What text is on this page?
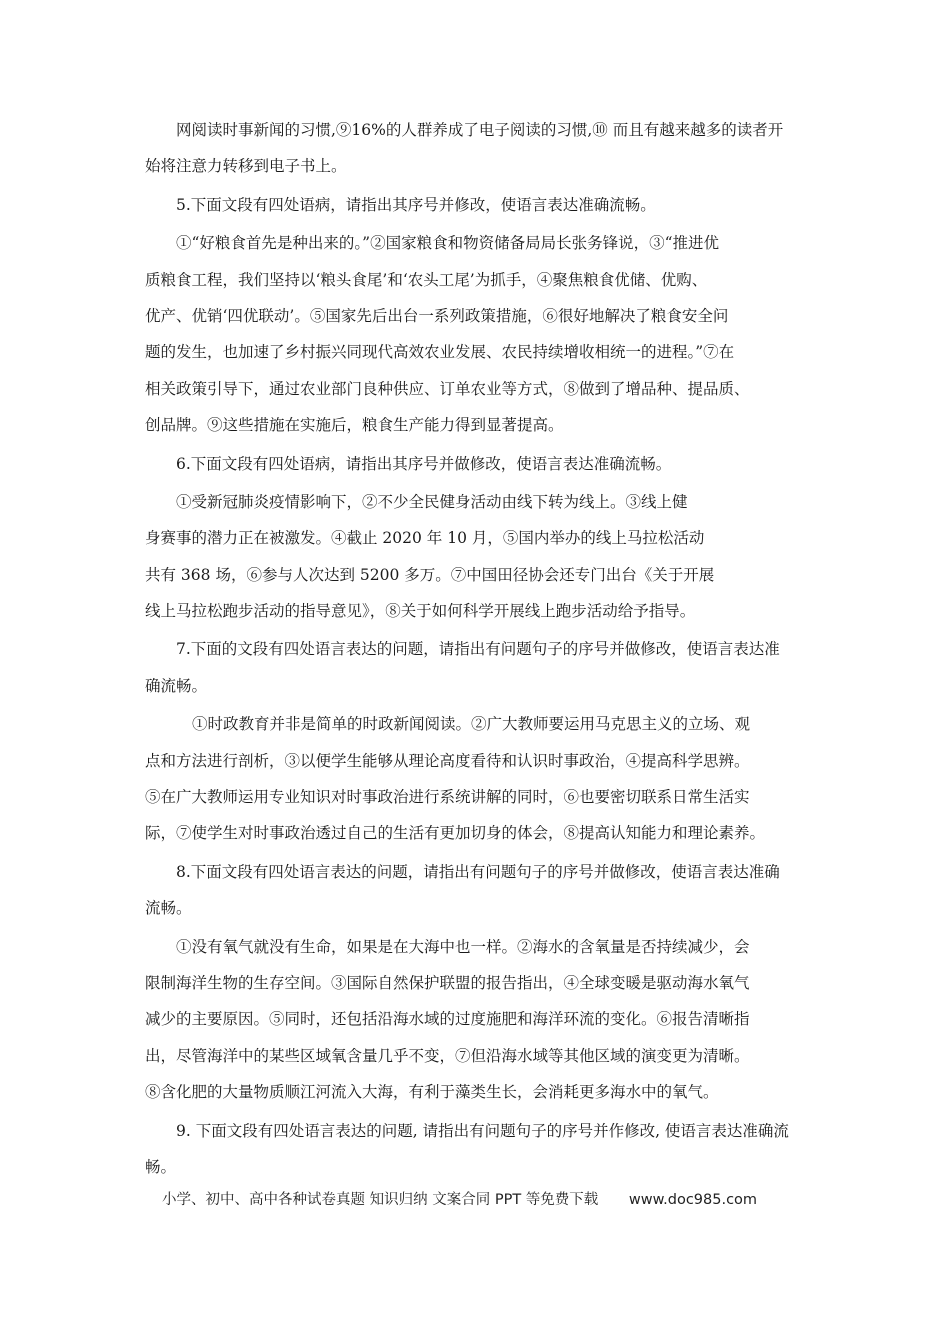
网阅读时事新闻的习惯,⑨16%的人群养成了电子阅读的习惯,⑩ 而且有越来越多的读者开
始将注意力转移到电子书上。
5.下面文段有四处语病，请指出其序号并修改，使语言表达准确流畅。
①“好粮食首先是种出来的。”②国家粮食和物资储备局局长张务锋说，③“推进优
质粮食工程，我们坚持以‘粮头食尾’和‘农头工尾’为抓手，④聚焦粮食优储、优购、
优产、优销‘四优联动’。⑤国家先后出台一系列政策措施，⑥很好地解决了粮食安全问
题的发生，也加速了乡村振兴同现代高效农业发展、农民持续增收相统一的进程。”⑦在
相关政策引导下，通过农业部门良种供应、订单农业等方式，⑧做到了增品种、提品质、
创品牌。⑨这些措施在实施后，粮食生产能力得到显著提高。
6.下面文段有四处语病，请指出其序号并做修改，使语言表达准确流畅。
①受新冠肺炎疫情影响下，②不少全民健身活动由线下转为线上。③线上健
身赛事的潜力正在被激发。④截止 2020 年 10 月，⑤国内举办的线上马拉松活动
共有 368 场，⑥参与人次达到 5200 多万。⑦中国田径协会还专门出台《关于开展
线上马拉松跑步活动的指导意见》，⑧关于如何科学开展线上跑步活动给予指导。
7.下面的文段有四处语言表达的问题，请指出有问题句子的序号并做修改，使语言表达准
确流畅。
①时政教育并非是简单的时政新闻阅读。②广大教师要运用马克思主义的立场、观
点和方法进行剖析，③以便学生能够从理论高度看待和认识时事政治，④提高科学思辨。
⑤在广大教师运用专业知识对时事政治进行系统讲解的同时，⑥也要密切联系日常生活实
际，⑦使学生对时事政治透过自己的生活有更加切身的体会，⑧提高认知能力和理论素养。
8.下面文段有四处语言表达的问题，请指出有问题句子的序号并做修改，使语言表达准确
流畅。
①没有氧气就没有生命，如果是在大海中也一样。②海水的含氧量是否持续减少，会
限制海洋生物的生存空间。③国际自然保护联盟的报告指出，④全球变暖是驱动海水氧气
减少的主要原因。⑤同时，还包括沿海水域的过度施肥和海洋环流的变化。⑥报告清晰指
出，尽管海洋中的某些区域氧含量几乎不变，⑦但沿海水域等其他区域的演变更为清晰。
⑧含化肥的大量物质顺江河流入大海，有利于藻类生长，会消耗更多海水中的氧气。
9. 下面文段有四处语言表达的问题, 请指出有问题句子的序号并作修改, 使语言表达准确流
畅。
小学、初中、高中各种试卷真题 知识归纳 文案合同 PPT 等免费下载 www.doc985.com
